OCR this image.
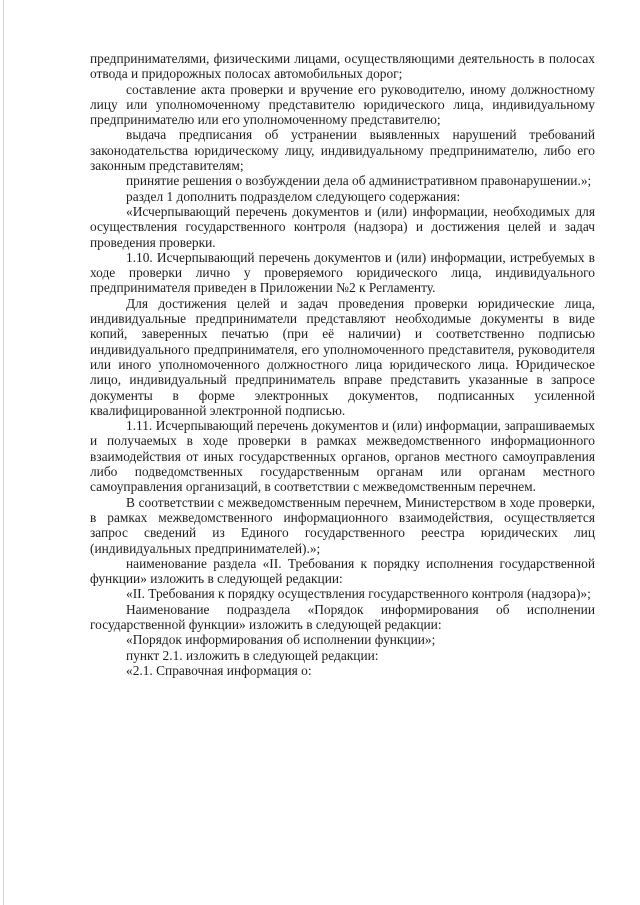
предпринимателями, физическими лицами, осуществляющими деятельность в полосах отвода и придорожных полосах автомобильных дорог;

составление акта проверки и вручение его руководителю, иному должностному лицу или уполномоченному представителю юридического лица, индивидуальному предпринимателю или его уполномоченному представителю;

выдача предписания об устранении выявленных нарушений требований законодательства юридическому лицу, индивидуальному предпринимателю, либо его законным представителям;

принятие решения о возбуждении дела об административном правонарушении.»;

раздел 1 дополнить подразделом следующего содержания:

«Исчерпывающий перечень документов и (или) информации, необходимых для осуществления государственного контроля (надзора) и достижения целей и задач проведения проверки.

1.10. Исчерпывающий перечень документов и (или) информации, истребуемых в ходе проверки лично у проверяемого юридического лица, индивидуального предпринимателя приведен в Приложении №2 к Регламенту.

Для достижения целей и задач проведения проверки юридические лица, индивидуальные предприниматели представляют необходимые документы в виде копий, заверенных печатью (при её наличии) и соответственно подписью индивидуального предпринимателя, его уполномоченного представителя, руководителя или иного уполномоченного должностного лица юридического лица. Юридическое лицо, индивидуальный предприниматель вправе представить указанные в запросе документы в форме электронных документов, подписанных усиленной квалифицированной электронной подписью.

1.11. Исчерпывающий перечень документов и (или) информации, запрашиваемых и получаемых в ходе проверки в рамках межведомственного информационного взаимодействия от иных государственных органов, органов местного самоуправления либо подведомственных государственным органам или органам местного самоуправления организаций, в соответствии с межведомственным перечнем.

В соответствии с межведомственным перечнем, Министерством в ходе проверки, в рамках межведомственного информационного взаимодействия, осуществляется запрос сведений из Единого государственного реестра юридических лиц (индивидуальных предпринимателей).»;

наименование раздела «II. Требования к порядку исполнения государственной функции» изложить в следующей редакции:

«II. Требования к порядку осуществления государственного контроля (надзора)»;

Наименование подраздела «Порядок информирования об исполнении государственной функции» изложить в следующей редакции:

«Порядок информирования об исполнении функции»;

пункт 2.1. изложить в следующей редакции:

«2.1. Справочная информация о:
